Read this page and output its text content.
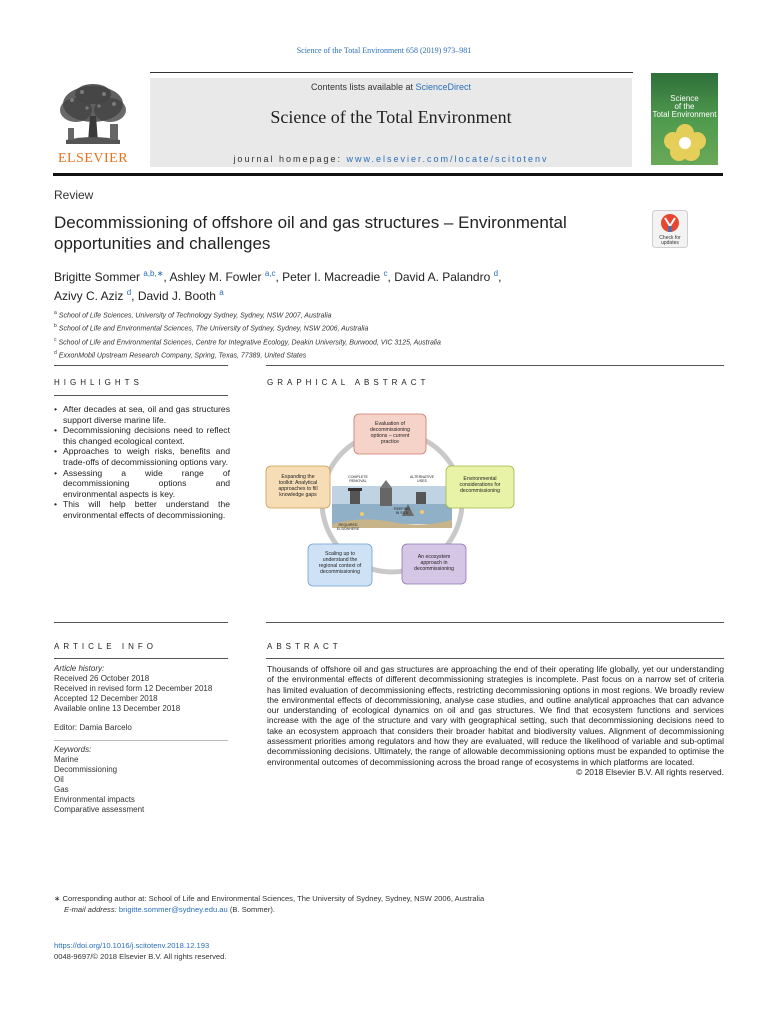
Science of the Total Environment 658 (2019) 973–981
ELSEVIER
Contents lists available at ScienceDirect
Science of the Total Environment
journal homepage: www.elsevier.com/locate/scitotenv
Science
of the
Total Environment
Review
Decommissioning of offshore oil and gas structures – Environmental opportunities and challenges	Check for
updates
Brigitte Sommer $^{a,b,∗}$, Ashley M. Fowler $^{a,c}$, Peter I. Macreadie $^c$, David A. Palandro $^d$,
Azivy C. Aziz $^d$, David J. Booth $^a$
$^a$ School of Life Sciences, University of Technology Sydney, Sydney, NSW 2007, Australia
$^b$ School of Life and Environmental Sciences, The University of Sydney, Sydney, NSW 2006, Australia
$^c$ School of Life and Environmental Sciences, Centre for Integrative Ecology, Deakin University, Burwood, VIC 3125, Australia
$^d$ ExxonMobil Upstream Research Company, Spring, Texas, 77389, United States
HIGHLIGHTS	GRAPHICAL ABSTRACT
• After decades at sea, oil and gas structures support diverse marine life.
• Decommissioning decisions need to reflect this changed ecological context.
• Approaches to weigh risks, benefits and trade-offs of decommissioning options vary.
• Assessing a wide range of decommissioning options and environmental aspects is key.
• This will help better understand the environmental effects of decommissioning.
COMPLETE
REMOVAL
ALTERNATIVE
USES
REEFING
IN SITU
REQUIRED
ELSEWHERE
Evaluation of
decommissioning
options – current
practice
Environmental
considerations for
decommissioning
An ecosystem
approach in
decommissioning
Scaling up to
understand the
regional context of
decommissioning
Expanding the
toolkit: Analytical
approaches to fill
knowledge gaps
ARTICLE INFO	ABSTRACT
Article history:
Received 26 October 2018
Received in revised form 12 December 2018
Accepted 12 December 2018
Available online 13 December 2018
Editor: Damia Barcelo
Keywords:
Marine
Decommissioning
Oil
Gas
Environmental impacts
Comparative assessment
Thousands of offshore oil and gas structures are approaching the end of their operating life globally, yet our understanding of the environmental effects of different decommissioning strategies is incomplete. Past focus on a narrow set of criteria has limited evaluation of decommissioning effects, restricting decommissioning options in most regions. We broadly review the environmental effects of decommissioning, analyse case studies, and outline analytical approaches that can advance our understanding of ecological dynamics on oil and gas structures. We find that ecosystem functions and services increase with the age of the structure and vary with geographical setting, such that decommissioning decisions need to take an ecosystem approach that considers their broader habitat and biodiversity values. Alignment of decommissioning assessment priorities among regulators and how they are evaluated, will reduce the likelihood of variable and sub-optimal decommissioning decisions. Ultimately, the range of allowable decommissioning options must be expanded to optimise the environmental outcomes of decommissioning across the broad range of ecosystems in which platforms are located.
© 2018 Elsevier B.V. All rights reserved.
∗ Corresponding author at: School of Life and Environmental Sciences, The University of Sydney, Sydney, NSW 2006, Australia
E-mail address: brigitte.sommer@sydney.edu.au (B. Sommer).
https://doi.org/10.1016/j.scitotenv.2018.12.193
0048-9697/© 2018 Elsevier B.V. All rights reserved.
